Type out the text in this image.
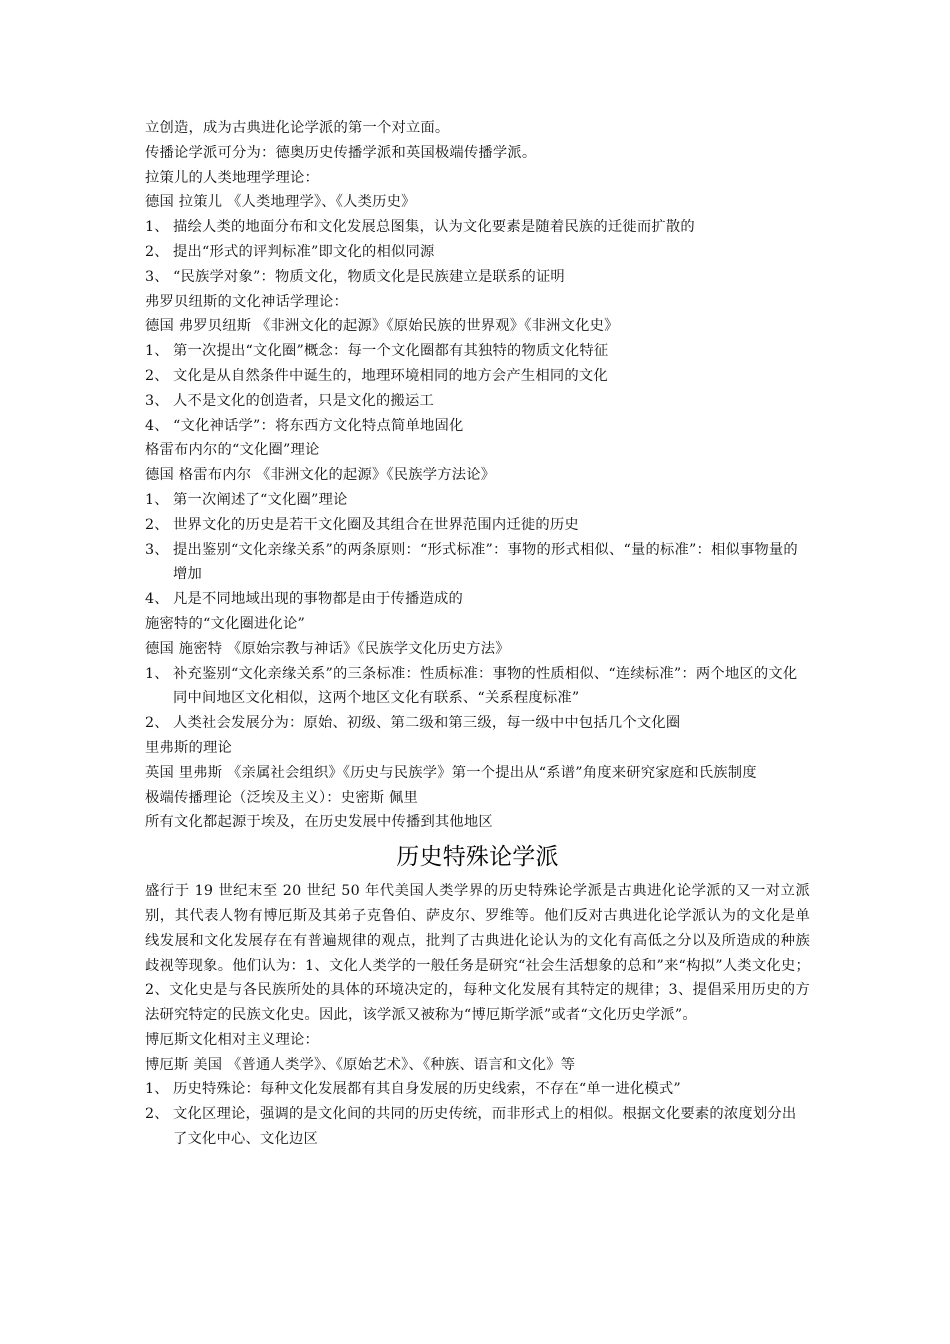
立创造，成为古典进化论学派的第一个对立面。
传播论学派可分为：德奥历史传播学派和英国极端传播学派。
拉策儿的人类地理学理论：
德国 拉策儿 《人类地理学》、《人类历史》
1、 描绘人类的地面分布和文化发展总图集，认为文化要素是随着民族的迁徙而扩散的
2、 提出“形式的评判标准”即文化的相似同源
3、 “民族学对象”：物质文化，物质文化是民族建立是联系的证明
弗罗贝纽斯的文化神话学理论：
德国 弗罗贝纽斯 《非洲文化的起源》《原始民族的世界观》《非洲文化史》
1、 第一次提出“文化圈”概念：每一个文化圈都有其独特的物质文化特征
2、 文化是从自然条件中诞生的，地理环境相同的地方会产生相同的文化
3、 人不是文化的创造者，只是文化的搬运工
4、 “文化神话学”：将东西方文化特点简单地固化
格雷布内尔的“文化圈”理论
德国 格雷布内尔 《非洲文化的起源》《民族学方法论》
1、 第一次阐述了“文化圈”理论
2、 世界文化的历史是若干文化圈及其组合在世界范围内迁徙的历史
3、 提出鉴别“文化亲缘关系”的两条原则：“形式标准”：事物的形式相似、“量的标准”：相似事物量的增加
4、 凡是不同地域出现的事物都是由于传播造成的
施密特的“文化圈进化论”
德国 施密特 《原始宗教与神话》《民族学文化历史方法》
1、 补充鉴别“文化亲缘关系”的三条标准：性质标准：事物的性质相似、“连续标准”：两个地区的文化同中间地区文化相似，这两个地区文化有联系、“关系程度标准”
2、 人类社会发展分为：原始、初级、第二级和第三级，每一级中中包括几个文化圈
里弗斯的理论
英国 里弗斯 《亲属社会组织》《历史与民族学》第一个提出从“系谱”角度来研究家庭和氏族制度
极端传播理论（泛埃及主义）：史密斯 佩里
所有文化都起源于埃及，在历史发展中传播到其他地区
历史特殊论学派
盛行于 19 世纪末至 20 世纪 50 年代美国人类学界的历史特殊论学派是古典进化论学派的又一对立派别，其代表人物有博厄斯及其弟子克鲁伯、萨皮尔、罗维等。他们反对古典进化论学派认为的文化是单线发展和文化发展存在有普遍规律的观点，批判了古典进化论认为的文化有高低之分以及所造成的种族歧视等现象。他们认为：1、文化人类学的一般任务是研究“社会生活想象的总和”来“构拟”人类文化史；2、文化史是与各民族所处的具体的环境决定的，每种文化发展有其特定的规律；3、提倡采用历史的方法研究特定的民族文化史。因此，该学派又被称为“博厄斯学派”或者“文化历史学派”。
博厄斯文化相对主义理论：
博厄斯 美国 《普通人类学》、《原始艺术》、《种族、语言和文化》等
1、 历史特殊论：每种文化发展都有其自身发展的历史线索，不存在“单一进化模式”
2、 文化区理论，强调的是文化间的共同的历史传统，而非形式上的相似。根据文化要素的浓度划分出了文化中心、文化边区
